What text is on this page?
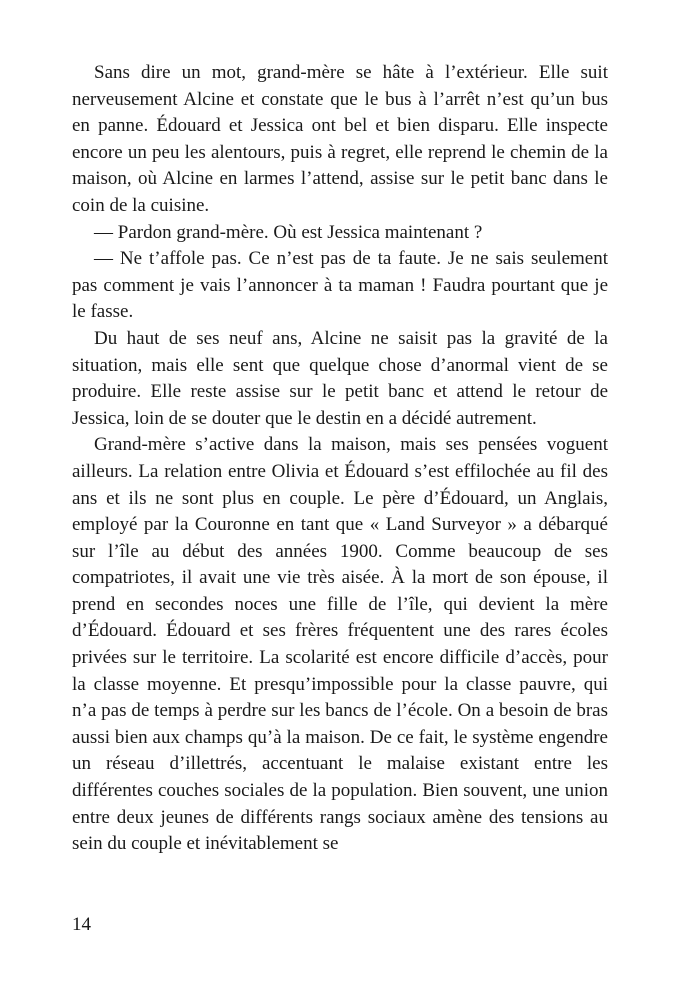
Sans dire un mot, grand-mère se hâte à l’extérieur. Elle suit nerveusement Alcine et constate que le bus à l’arrêt n’est qu’un bus en panne. Édouard et Jessica ont bel et bien disparu. Elle inspecte encore un peu les alentours, puis à regret, elle reprend le chemin de la maison, où Alcine en larmes l’attend, assise sur le petit banc dans le coin de la cuisine.

— Pardon grand-mère. Où est Jessica maintenant ?

— Ne t’affole pas. Ce n’est pas de ta faute. Je ne sais seulement pas comment je vais l’annoncer à ta maman ! Faudra pourtant que je le fasse.

Du haut de ses neuf ans, Alcine ne saisit pas la gravité de la situation, mais elle sent que quelque chose d’anormal vient de se produire. Elle reste assise sur le petit banc et attend le retour de Jessica, loin de se douter que le destin en a décidé autrement.

Grand-mère s’active dans la maison, mais ses pensées voguent ailleurs. La relation entre Olivia et Édouard s’est effilochée au fil des ans et ils ne sont plus en couple. Le père d’Édouard, un Anglais, employé par la Couronne en tant que « Land Surveyor » a débarqué sur l’île au début des années 1900. Comme beaucoup de ses compatriotes, il avait une vie très aisée. À la mort de son épouse, il prend en secondes noces une fille de l’île, qui devient la mère d’Édouard. Édouard et ses frères fréquentent une des rares écoles privées sur le territoire. La scolarité est encore difficile d’accès, pour la classe moyenne. Et presqu’impossible pour la classe pauvre, qui n’a pas de temps à perdre sur les bancs de l’école. On a besoin de bras aussi bien aux champs qu’à la maison. De ce fait, le système engendre un réseau d’illettrés, accentuant le malaise existant entre les différentes couches sociales de la population. Bien souvent, une union entre deux jeunes de différents rangs sociaux amène des tensions au sein du couple et inévitablement se

14
